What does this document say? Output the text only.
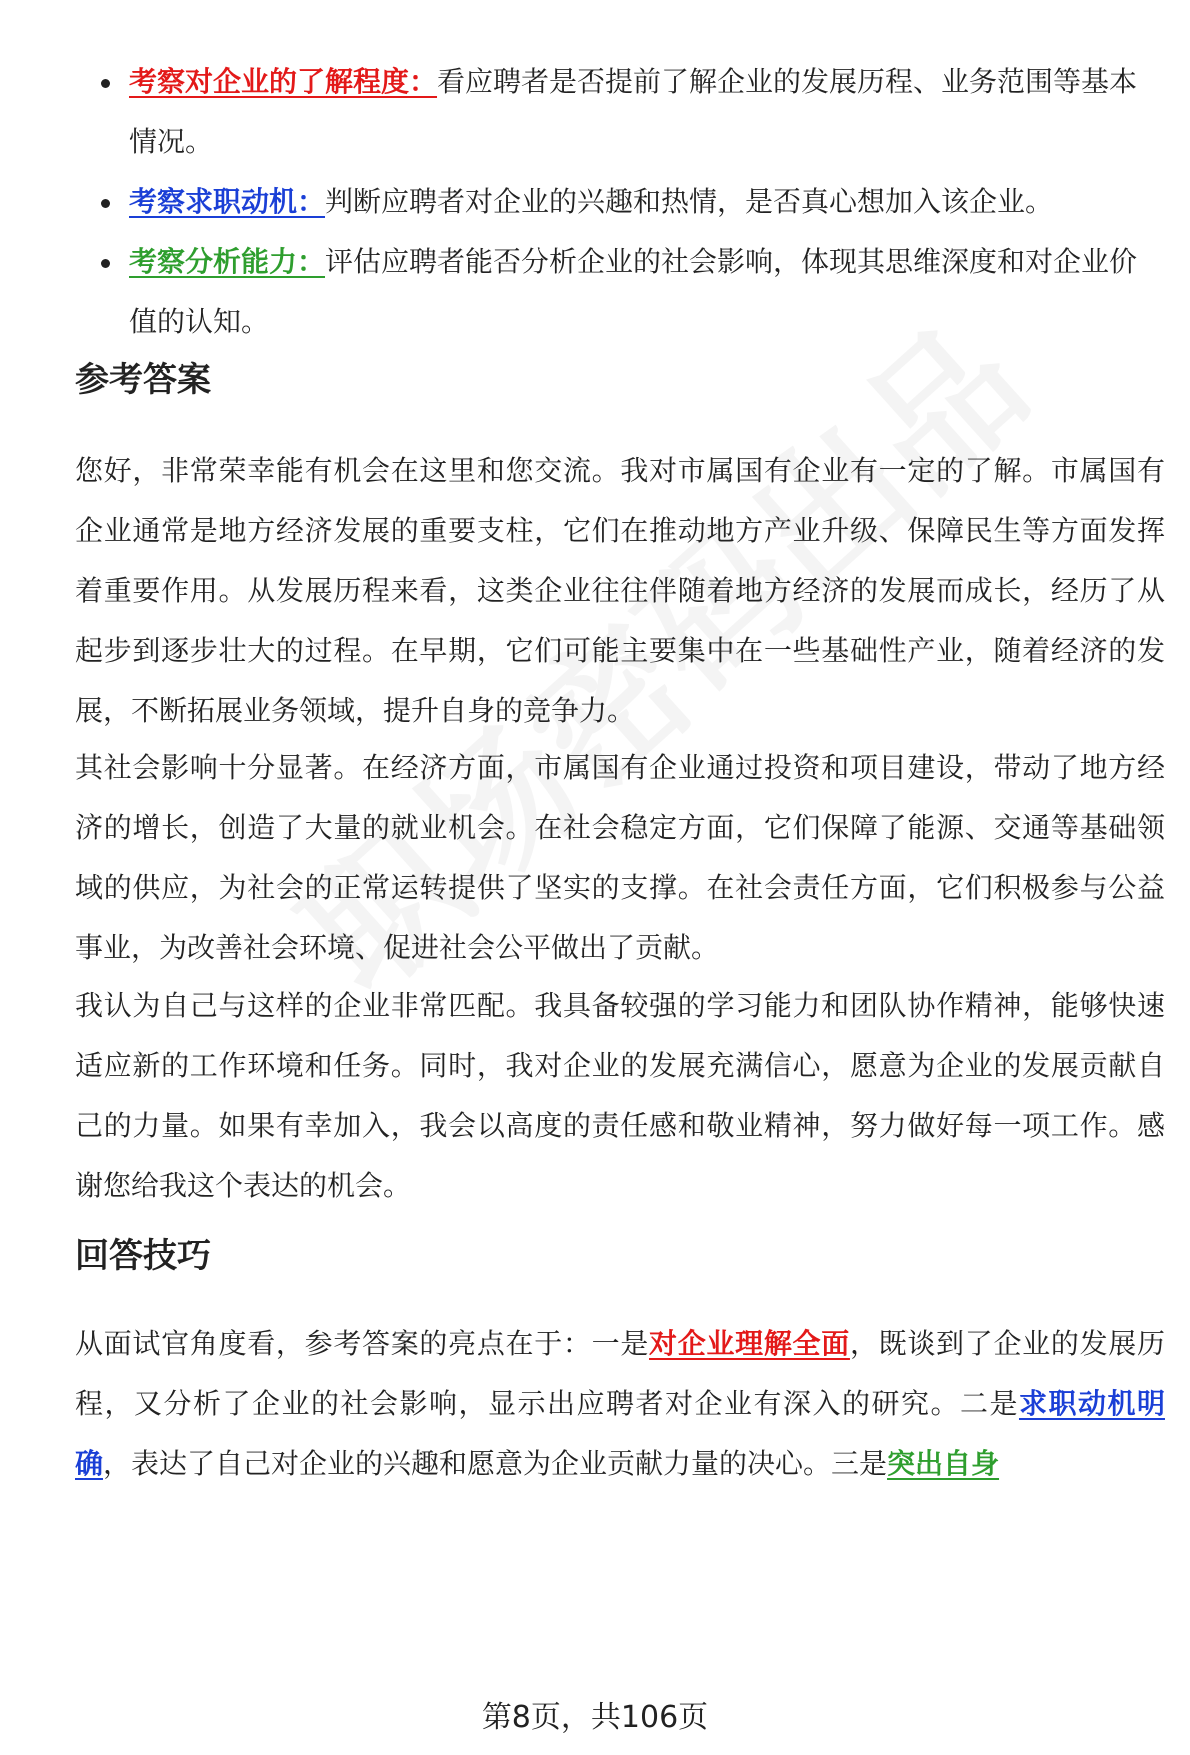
考察对企业的了解程度：看应聘者是否提前了解企业的发展历程、业务范围等基本情况。
考察求职动机：判断应聘者对企业的兴趣和热情，是否真心想加入该企业。
考察分析能力：评估应聘者能否分析企业的社会影响，体现其思维深度和对企业价值的认知。
参考答案

您好，非常荣幸能有机会在这里和您交流。我对市属国有企业有一定的了解。市属国有企业通常是地方经济发展的重要支柱，它们在推动地方产业升级、保障民生等方面发挥着重要作用。从发展历程来看，这类企业往往伴随着地方经济的发展而成长，经历了从起步到逐步壮大的过程。在早期，它们可能主要集中在一些基础性产业，随着经济的发展，不断拓展业务领域，提升自身的竞争力。

其社会影响十分显著。在经济方面，市属国有企业通过投资和项目建设，带动了地方经济的增长，创造了大量的就业机会。在社会稳定方面，它们保障了能源、交通等基础领域的供应，为社会的正常运转提供了坚实的支撑。在社会责任方面，它们积极参与公益事业，为改善社会环境、促进社会公平做出了贡献。

我认为自己与这样的企业非常匹配。我具备较强的学习能力和团队协作精神，能够快速适应新的工作环境和任务。同时，我对企业的发展充满信心，愿意为企业的发展贡献自己的力量。如果有幸加入，我会以高度的责任感和敬业精神，努力做好每一项工作。感谢您给我这个表达的机会。

回答技巧

从面试官角度看，参考答案的亮点在于：一是对企业理解全面，既谈到了企业的发展历程，又分析了企业的社会影响，显示出应聘者对企业有深入的研究。二是求职动机明确，表达了自己对企业的兴趣和愿意为企业贡献力量的决心。三是突出自身

第8页，共106页
